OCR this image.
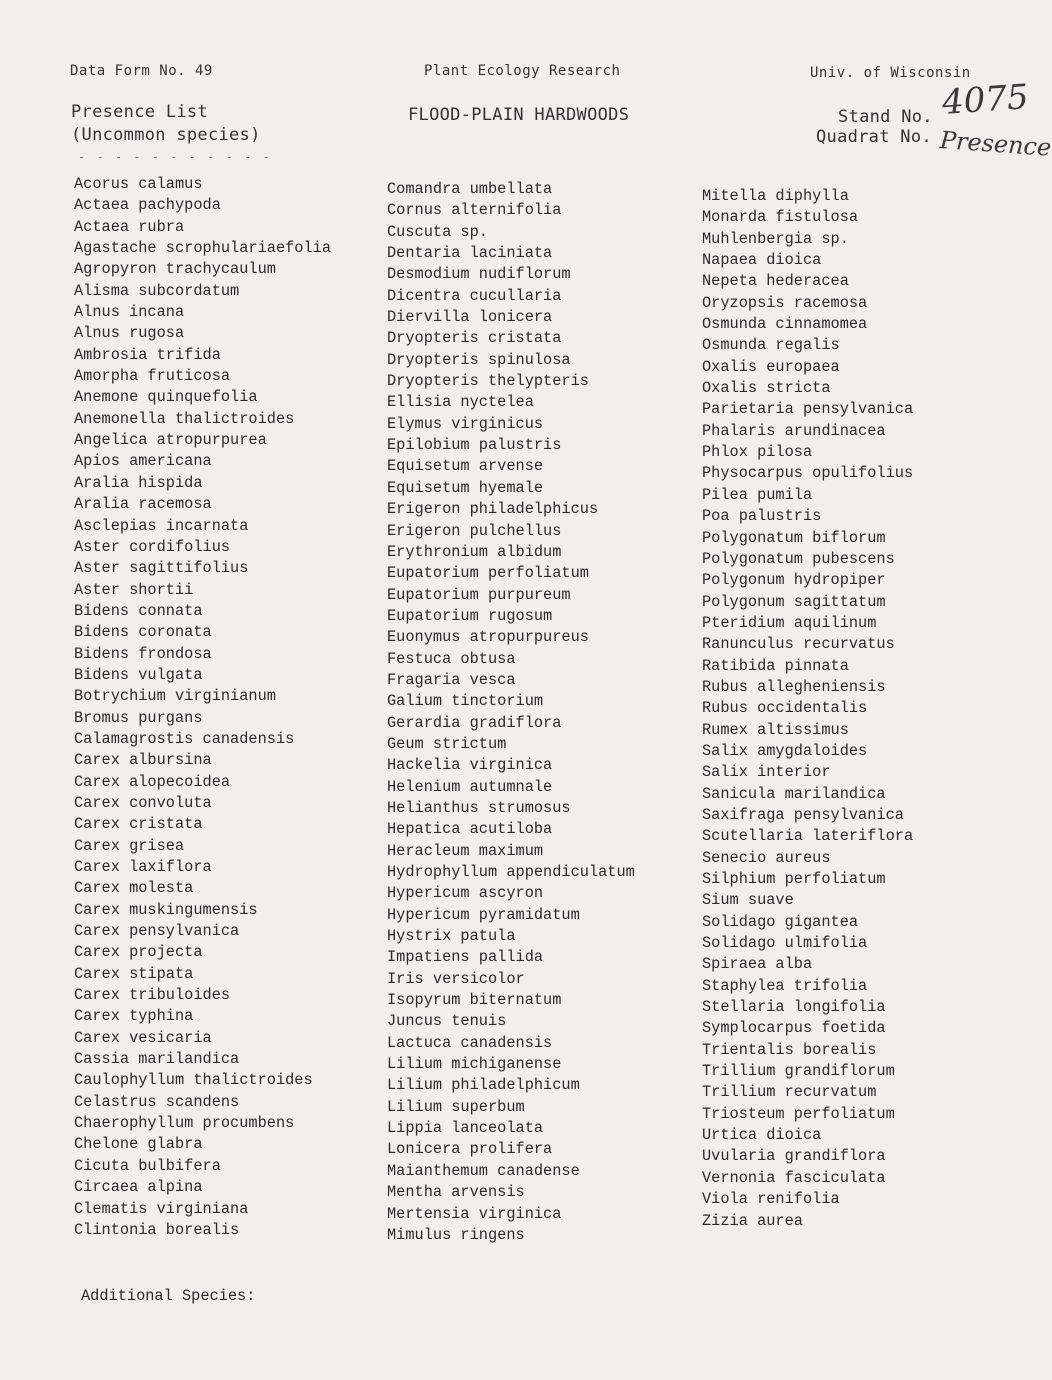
Data Form No. 49	Plant Ecology Research	Univ. of Wisconsin
Presence List
(Uncommon species)
FLOOD-PLAIN HARDWOODS	Stand No.
Quadrat No.
4075
Presence
- - - - - - - - - - -
Acorus calamus
Actaea pachypoda
Actaea rubra
Agastache scrophulariaefolia
Agropyron trachycaulum
Alisma subcordatum
Alnus incana
Alnus rugosa
Ambrosia trifida
Amorpha fruticosa
Anemone quinquefolia
Anemonella thalictroides
Angelica atropurpurea
Apios americana
Aralia hispida
Aralia racemosa
Asclepias incarnata
Aster cordifolius
Aster sagittifolius
Aster shortii
Bidens connata
Bidens coronata
Bidens frondosa
Bidens vulgata
Botrychium virginianum
Bromus purgans
Calamagrostis canadensis
Carex albursina
Carex alopecoidea
Carex convoluta
Carex cristata
Carex grisea
Carex laxiflora
Carex molesta
Carex muskingumensis
Carex pensylvanica
Carex projecta
Carex stipata
Carex tribuloides
Carex typhina
Carex vesicaria
Cassia marilandica
Caulophyllum thalictroides
Celastrus scandens
Chaerophyllum procumbens
Chelone glabra
Cicuta bulbifera
Circaea alpina
Clematis virginiana
Clintonia borealis
Comandra umbellata
Cornus alternifolia
Cuscuta sp.
Dentaria laciniata
Desmodium nudiflorum
Dicentra cucullaria
Diervilla lonicera
Dryopteris cristata
Dryopteris spinulosa
Dryopteris thelypteris
Ellisia nyctelea
Elymus virginicus
Epilobium palustris
Equisetum arvense
Equisetum hyemale
Erigeron philadelphicus
Erigeron pulchellus
Erythronium albidum
Eupatorium perfoliatum
Eupatorium purpureum
Eupatorium rugosum
Euonymus atropurpureus
Festuca obtusa
Fragaria vesca
Galium tinctorium
Gerardia gradiflora
Geum strictum
Hackelia virginica
Helenium autumnale
Helianthus strumosus
Hepatica acutiloba
Heracleum maximum
Hydrophyllum appendiculatum
Hypericum ascyron
Hypericum pyramidatum
Hystrix patula
Impatiens pallida
Iris versicolor
Isopyrum biternatum
Juncus tenuis
Lactuca canadensis
Lilium michiganense
Lilium philadelphicum
Lilium superbum
Lippia lanceolata
Lonicera prolifera
Maianthemum canadense
Mentha arvensis
Mertensia virginica
Mimulus ringens
Mitella diphylla
Monarda fistulosa
Muhlenbergia sp.
Napaea dioica
Nepeta hederacea
Oryzopsis racemosa
Osmunda cinnamomea
Osmunda regalis
Oxalis europaea
Oxalis stricta
Parietaria pensylvanica
Phalaris arundinacea
Phlox pilosa
Physocarpus opulifolius
Pilea pumila
Poa palustris
Polygonatum biflorum
Polygonatum pubescens
Polygonum hydropiper
Polygonum sagittatum
Pteridium aquilinum
Ranunculus recurvatus
Ratibida pinnata
Rubus allegheniensis
Rubus occidentalis
Rumex altissimus
Salix amygdaloides
Salix interior
Sanicula marilandica
Saxifraga pensylvanica
Scutellaria lateriflora
Senecio aureus
Silphium perfoliatum
Sium suave
Solidago gigantea
Solidago ulmifolia
Spiraea alba
Staphylea trifolia
Stellaria longifolia
Symplocarpus foetida
Trientalis borealis
Trillium grandiflorum
Trillium recurvatum
Triosteum perfoliatum
Urtica dioica
Uvularia grandiflora
Vernonia fasciculata
Viola renifolia
Zizia aurea
Additional Species:
